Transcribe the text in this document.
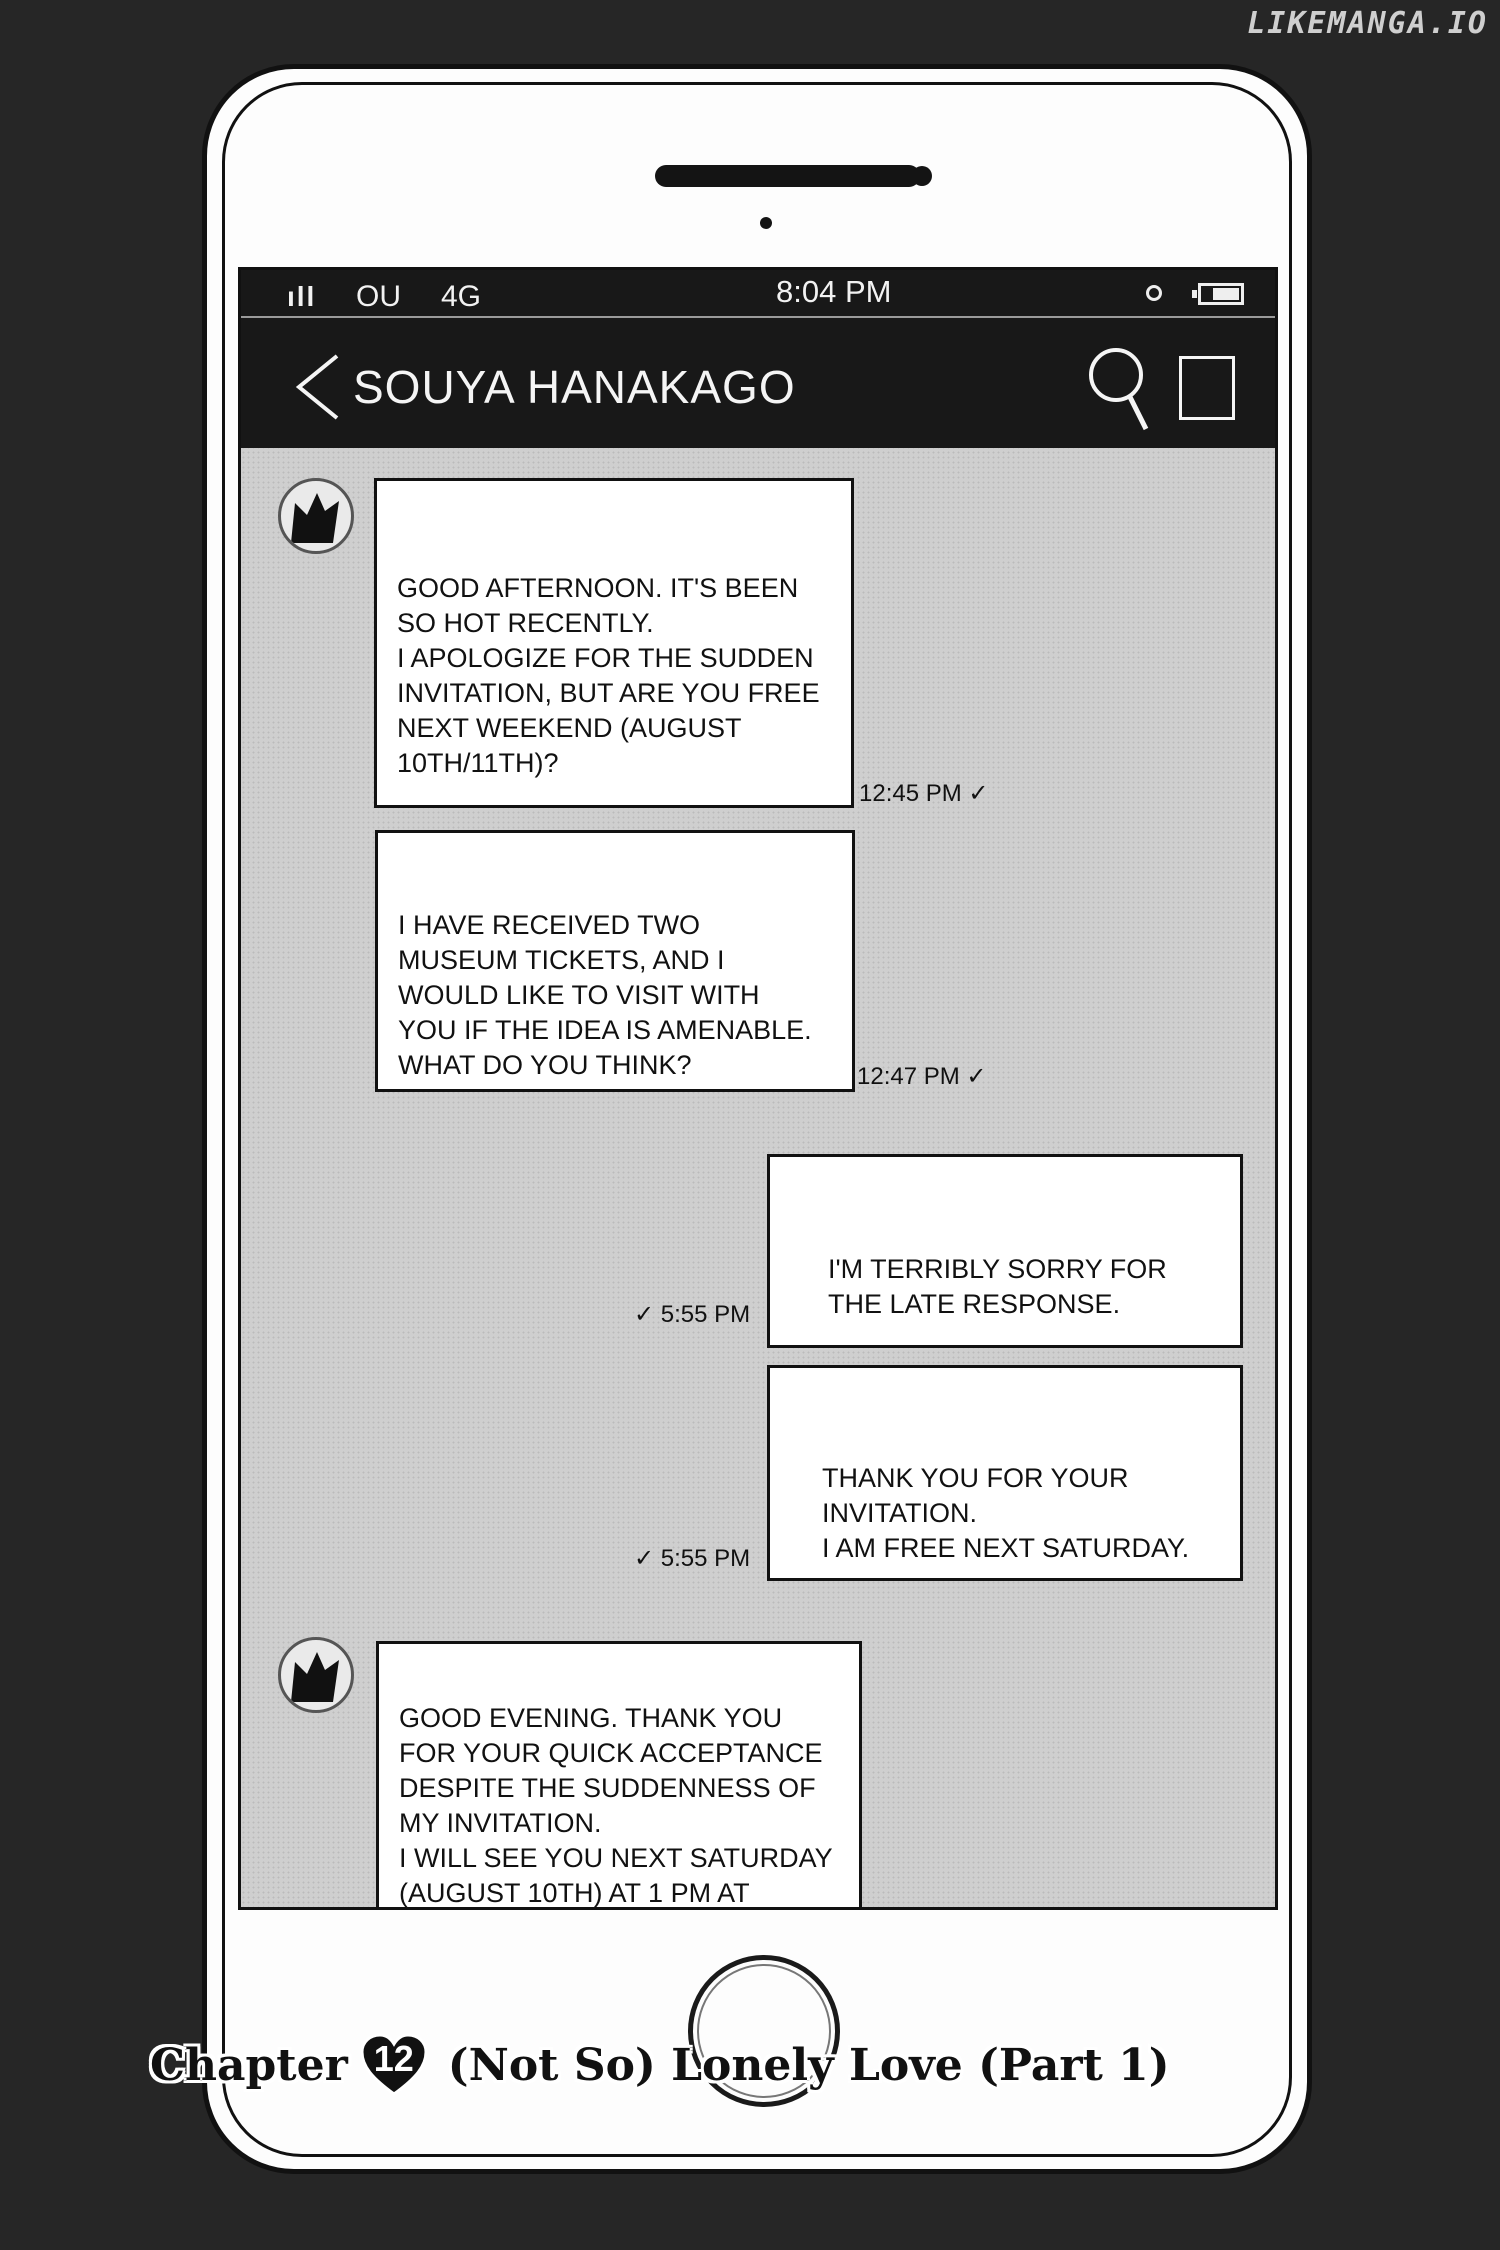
LIKEMANGA.IO
ıll OU 4G	8:04 PM
SOUYA HANAKAGO

GOOD AFTERNOON. IT'S BEEN
SO HOT RECENTLY.
I APOLOGIZE FOR THE SUDDEN
INVITATION, BUT ARE YOU FREE
NEXT WEEKEND (AUGUST
10TH/11TH)?

12:45 PM ✓

I HAVE RECEIVED TWO
MUSEUM TICKETS, AND I
WOULD LIKE TO VISIT WITH
YOU IF THE IDEA IS AMENABLE.
WHAT DO YOU THINK?	12:47 PM ✓

I'M TERRIBLY SORRY FOR
THE LATE RESPONSE.

✓ 5:55 PM

THANK YOU FOR YOUR
INVITATION.
I AM FREE NEXT SATURDAY.

✓ 5:55 PM

GOOD EVENING. THANK YOU
FOR YOUR QUICK ACCEPTANCE
DESPITE THE SUDDENNESS OF
MY INVITATION.
I WILL SEE YOU NEXT SATURDAY
(AUGUST 10TH) AT 1 PM AT

Chapter 12 (Not So) Lonely Love (Part 1)
